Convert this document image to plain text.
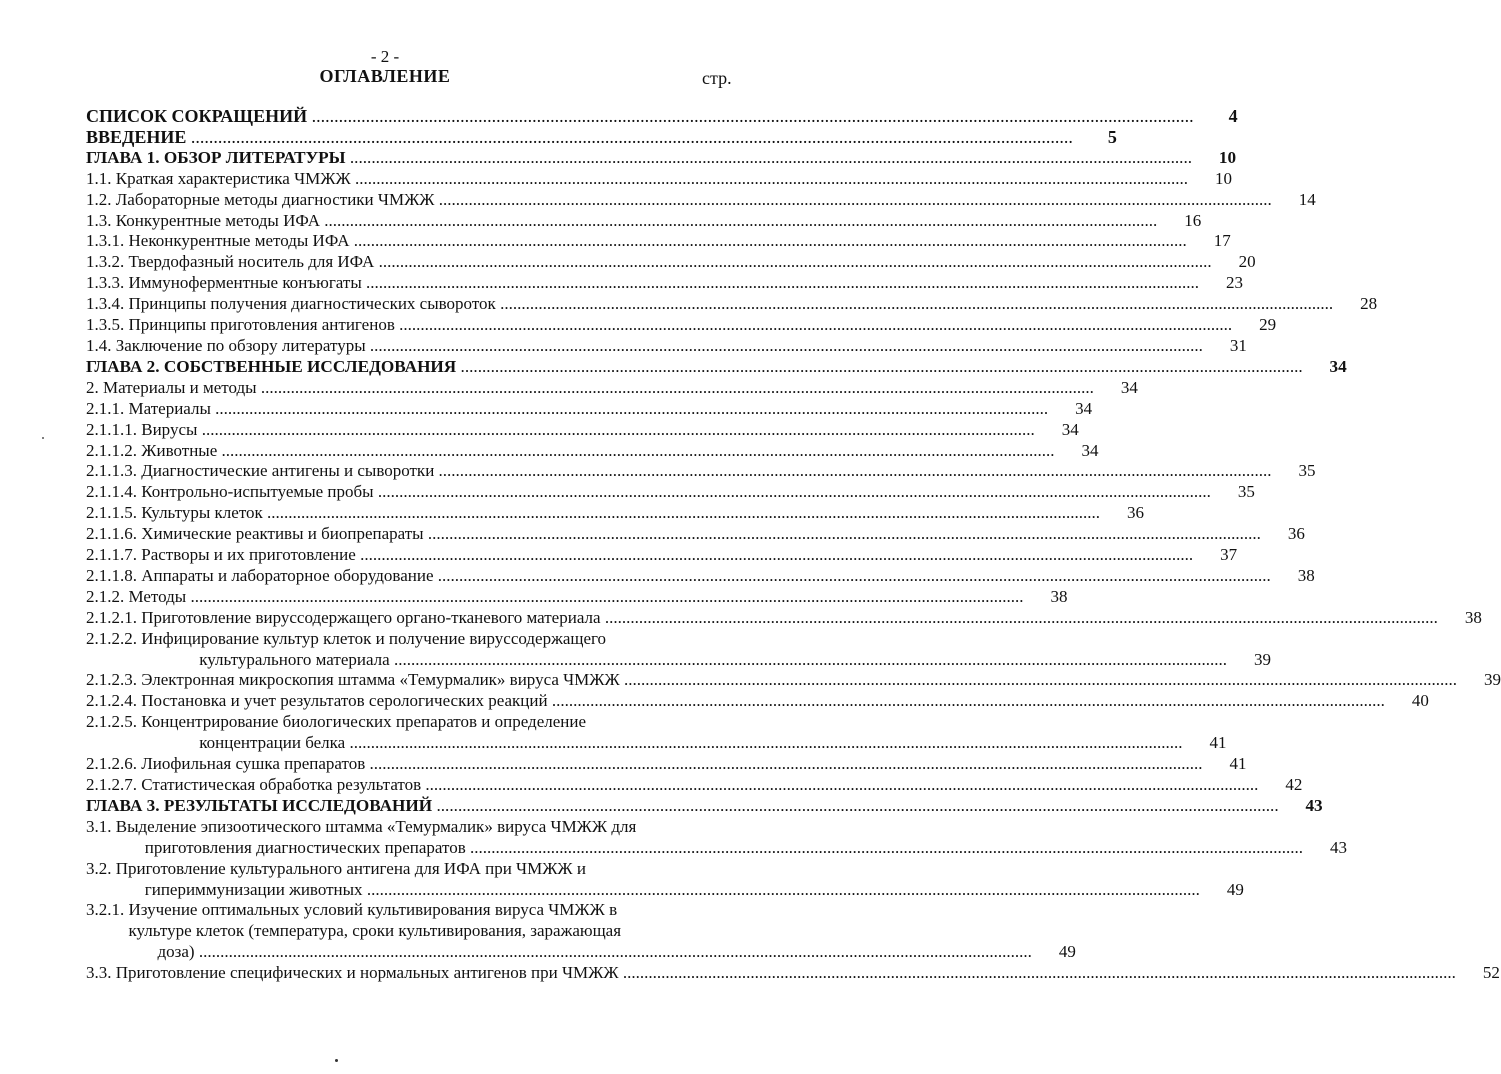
- 2 -
ОГЛАВЛЕНИЕ	стр.
СПИСОК СОКРАЩЕНИЙ .....	4
ВВЕДЕНИЕ .....	5
ГЛАВА 1. ОБЗОР ЛИТЕРАТУРЫ .....	10
1.1. Краткая характеристика ЧМЖЖ .....	10
1.2. Лабораторные методы диагностики ЧМЖЖ .....	14
1.3. Конкурентные методы ИФА .....	16
1.3.1. Неконкурентные методы ИФА .....	17
1.3.2. Твердофазный носитель для ИФА .....	20
1.3.3. Иммуноферментные конъюгаты .....	23
1.3.4. Принципы получения диагностических сывороток .....	28
1.3.5. Принципы приготовления антигенов .....	29
1.4. Заключение по обзору литературы .....	31
ГЛАВА 2. СОБСТВЕННЫЕ ИССЛЕДОВАНИЯ .....	34
2. Материалы и методы .....	34
2.1.1. Материалы .....	34
2.1.1.1. Вирусы .....	34
2.1.1.2. Животные .....	34
2.1.1.3. Диагностические антигены и сыворотки .....	35
2.1.1.4. Контрольно-испытуемые пробы .....	35
2.1.1.5. Культуры клеток .....	36
2.1.1.6. Химические реактивы и биопрепараты .....	36
2.1.1.7. Растворы и их приготовление .....	37
2.1.1.8. Аппараты и лабораторное оборудование .....	38
2.1.2. Методы .....	38
2.1.2.1. Приготовление вируссодержащего органо-тканевого материала .....	38
2.1.2.2. Инфицирование культур клеток и получение вируссодержащего
культурального материала .....	39
2.1.2.3. Электронная микроскопия штамма «Темурмалик» вируса ЧМЖЖ .....	39
2.1.2.4. Постановка и учет результатов серологических реакций .....	40
2.1.2.5. Концентрирование биологических препаратов и определение
концентрации белка .....	41
2.1.2.6. Лиофильная сушка препаратов .....	41
2.1.2.7. Статистическая обработка результатов .....	42
ГЛАВА 3. РЕЗУЛЬТАТЫ ИССЛЕДОВАНИЙ .....	43
3.1. Выделение эпизоотического штамма «Темурмалик» вируса ЧМЖЖ для
приготовления диагностических препаратов .....	43
3.2. Приготовление культурального антигена для ИФА при ЧМЖЖ и
гипериммунизации животных .....	49
3.2.1. Изучение оптимальных условий культивирования вируса ЧМЖЖ в
культуре клеток (температура, сроки культивирования, заражающая
доза) .....	49
3.3. Приготовление специфических и нормальных антигенов при ЧМЖЖ .....	52
